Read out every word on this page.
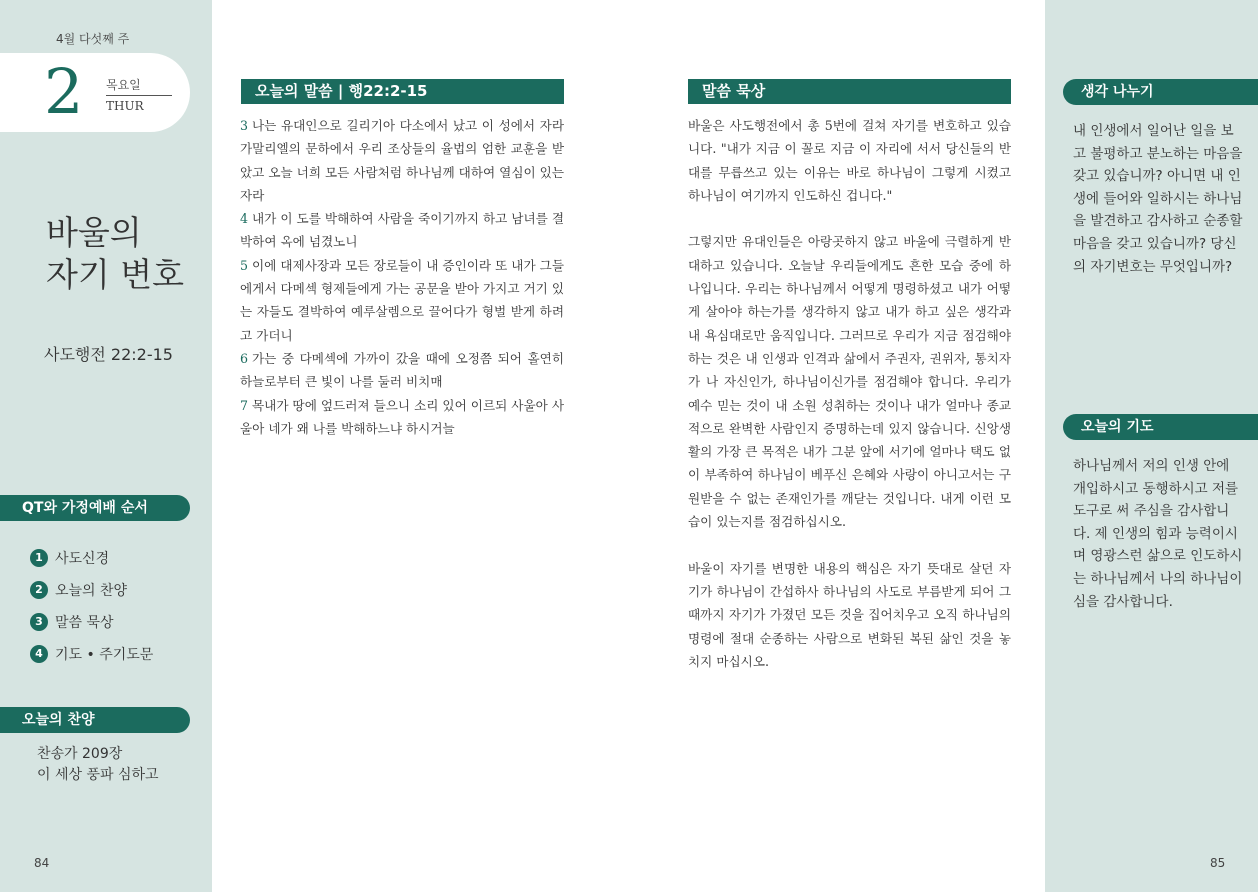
4월 다섯째 주
2 목요일
THUR
바울의
자기 변호
사도행전 22:2-15
QT와 가정예배 순서
1 사도신경
2 오늘의 찬양
3 말씀 묵상
4 기도 • 주기도문
오늘의 찬양
찬송가 209장
이 세상 풍파 심하고
84
오늘의 말씀 | 행22:2-15
3 나는 유대인으로 길리기아 다소에서 났고 이 성에서 자라 가말리엘의 문하에서 우리 조상들의 율법의 엄한 교훈을 받았고 오늘 너희 모든 사람처럼 하나님께 대하여 열심이 있는 자라
4 내가 이 도를 박해하여 사람을 죽이기까지 하고 남녀를 결박하여 옥에 넘겼노니
5 이에 대제사장과 모든 장로들이 내 증인이라 또 내가 그들에게서 다메섹 형제들에게 가는 공문을 받아 가지고 거기 있는 자들도 결박하여 예루살렘으로 끌어다가 형벌 받게 하려고 가더니
6 가는 중 다메섹에 가까이 갔을 때에 오정쯤 되어 홀연히 하늘로부터 큰 빛이 나를 둘러 비치매
7 목내가 땅에 엎드러져 들으니 소리 있어 이르되 사울아 사울아 네가 왜 나를 박해하느냐 하시거늘
말씀 묵상

바울은 사도행전에서 총 5번에 걸쳐 자기를 변호하고 있습니다. "내가 지금 이 꼴로 지금 이 자리에 서서 당신들의 반대를 무릅쓰고 있는 이유는 바로 하나님이 그렇게 시켰고 하나님이 여기까지 인도하신 겁니다."

그렇지만 유대인들은 아랑곳하지 않고 바울에 극렬하게 반대하고 있습니다. 오늘날 우리들에게도 흔한 모습 중에 하나입니다. 우리는 하나님께서 어떻게 명령하셨고 내가 어떻게 살아야 하는가를 생각하지 않고 내가 하고 싶은 생각과 내 욕심대로만 움직입니다. 그러므로 우리가 지금 점검해야 하는 것은 내 인생과 인격과 삶에서 주권자, 권위자, 통치자가 나 자신인가, 하나님이신가를 점검해야 합니다. 우리가 예수 믿는 것이 내 소원 성취하는 것이나 내가 얼마나 종교적으로 완벽한 사람인지 증명하는데 있지 않습니다. 신앙생활의 가장 큰 목적은 내가 그분 앞에 서기에 얼마나 택도 없이 부족하여 하나님이 베푸신 은혜와 사랑이 아니고서는 구원받을 수 없는 존재인가를 깨닫는 것입니다. 내게 이런 모습이 있는지를 점검하십시오.

바울이 자기를 변명한 내용의 핵심은 자기 뜻대로 살던 자기가 하나님이 간섭하사 하나님의 사도로 부름받게 되어 그때까지 자기가 가졌던 모든 것을 집어치우고 오직 하나님의 명령에 절대 순종하는 사람으로 변화된 복된 삶인 것을 놓치지 마십시오.

생각 나누기
내 인생에서 일어난 일을 보고 불평하고 분노하는 마음을 갖고 있습니까? 아니면 내 인생에 들어와 일하시는 하나님을 발견하고 감사하고 순종할 마음을 갖고 있습니까? 당신의 자기변호는 무엇입니까?
오늘의 기도
하나님께서 저의 인생 안에 개입하시고 동행하시고 저를 도구로 써 주심을 감사합니다. 제 인생의 힘과 능력이시며 영광스런 삶으로 인도하시는 하나님께서 나의 하나님이심을 감사합니다.
85
